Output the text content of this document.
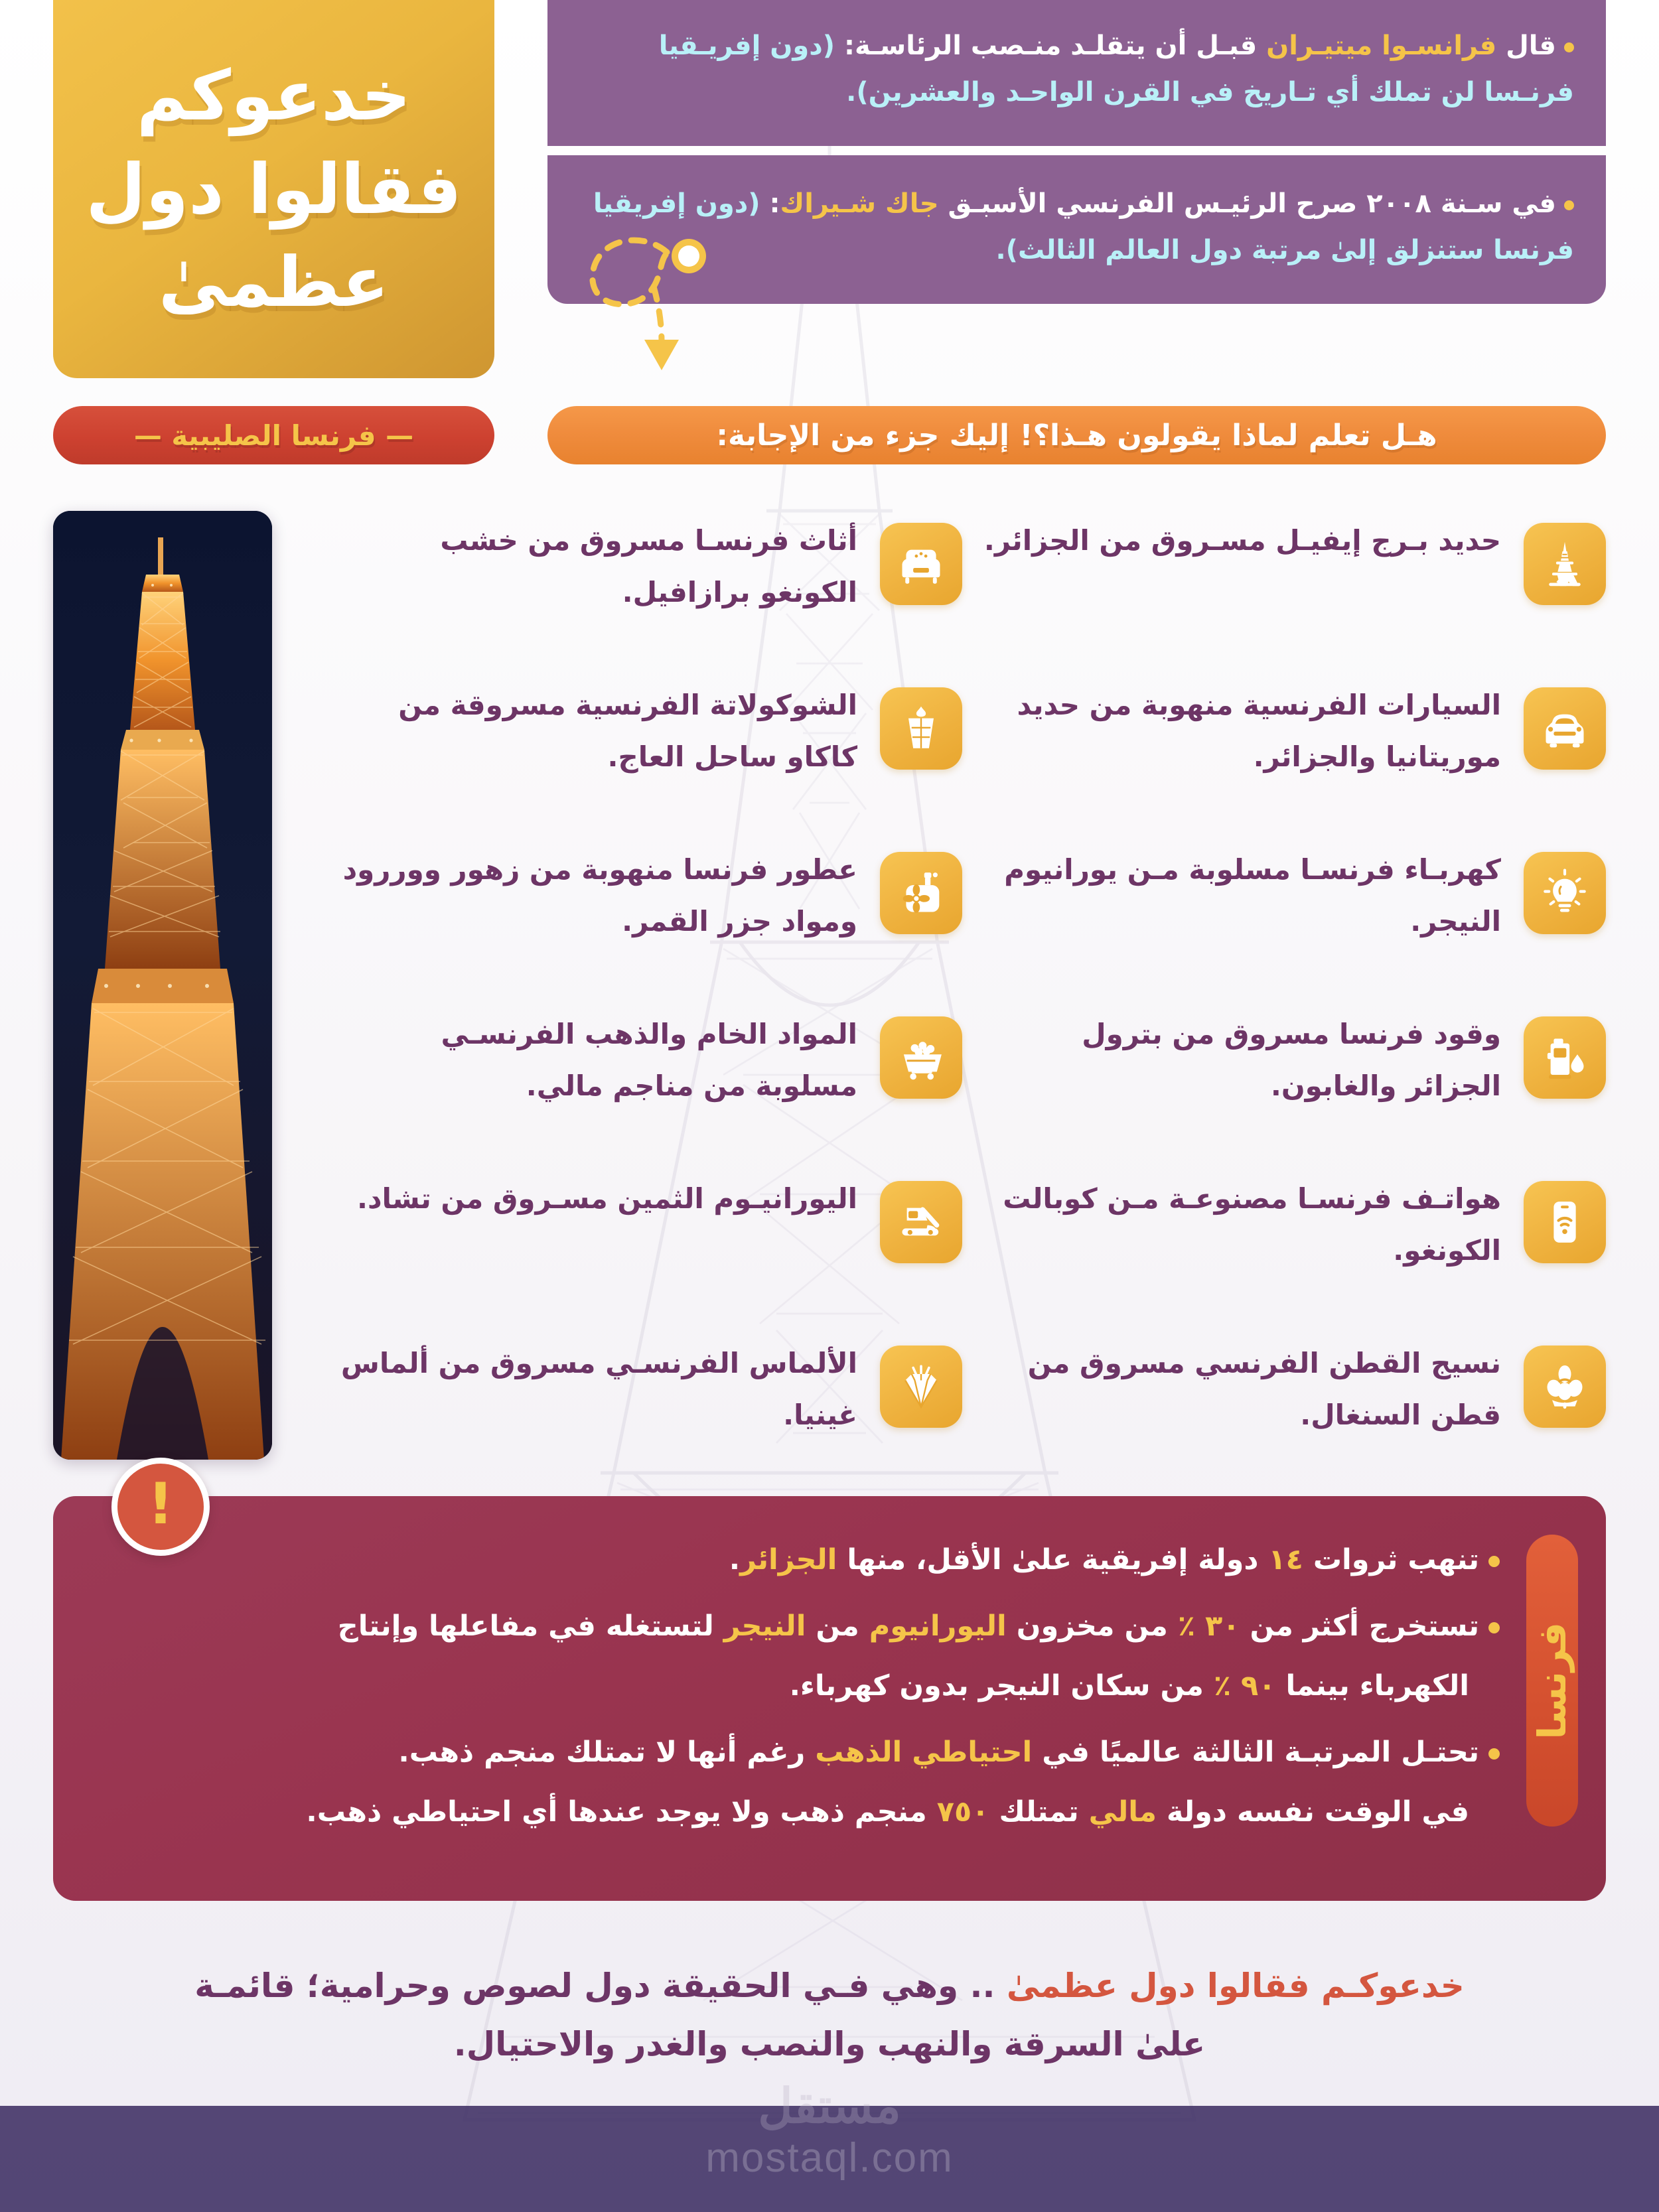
مستقل
mostaql.com
قال فرانسـوا ميتيـران قبـل أن يتقلـد منـصب الرئاسـة: (دون إفريـقيا فرنـسا لن تملك أي تـاريخ في القرن الواحـد والعشرين).
في سـنة ٢٠٠٨ صرح الرئيـس الفرنسي الأسبـق جاك شـيراك: (دون إفريقيا فرنسا ستنزلق إلىٰ مرتبة دول العالم الثالث).
خدعوكم
فقالوا دول
عظمىٰ
هـل تعلم لماذا يقولون هـذا؟! إليك جزء من الإجابة:
— فرنسا الصليبية —
أثاث فرنسـا مسروق من خشب الكونغو برازافيل.
الشوكولاتة الفرنسية مسروقة من كاكاو ساحل العاج.
عطور فرنسا منهوبة من زهور ووررود ومواد جزر القمر.
المواد الخام والذهب الفرنسـي مسلوبة من مناجم مالي.
اليورانيـوم الثمين مسـروق من تشاد.
الألماس الفرنسـي مسروق من ألماس غينيا.
حديد بـرج إيفيـل مسـروق من الجزائر.
السيارات الفرنسية منهوبة من حديد موريتانيا والجزائر.
كهربـاء فرنسـا مسلوبة مـن يورانيوم النيجر.
وقود فرنسا مسروق من بترول الجزائر والغابون.
هواتـف فرنسـا مصنوعـة مـن كوبالت الكونغو.
نسيج القطن الفرنسي مسروق من قطن السنغال.
!
فرنسا
تنهب ثروات ١٤ دولة إفريقية علىٰ الأقل، منها الجزائر.
تستخرج أكثر من ٣٠ ٪ من مخزون اليورانيوم من النيجر لتستغله في مفاعلها وإنتاج
الكهرباء بينما ٩٠ ٪ من سكان النيجر بدون كهرباء.
تحتـل المرتبـة الثالثة عالميًا في احتياطي الذهب رغم أنها لا تمتلك منجم ذهب.
في الوقت نفسه دولة مالي تمتلك ٧٥٠ منجم ذهب ولا يوجد عندها أي احتياطي ذهب.
خدعوكـم فقالوا دول عظمىٰ .. وهي فـي الحقيقة دول لصوص وحرامية؛ قائمـة
علىٰ السرقة والنهب والنصب والغدر والاحتيال.
